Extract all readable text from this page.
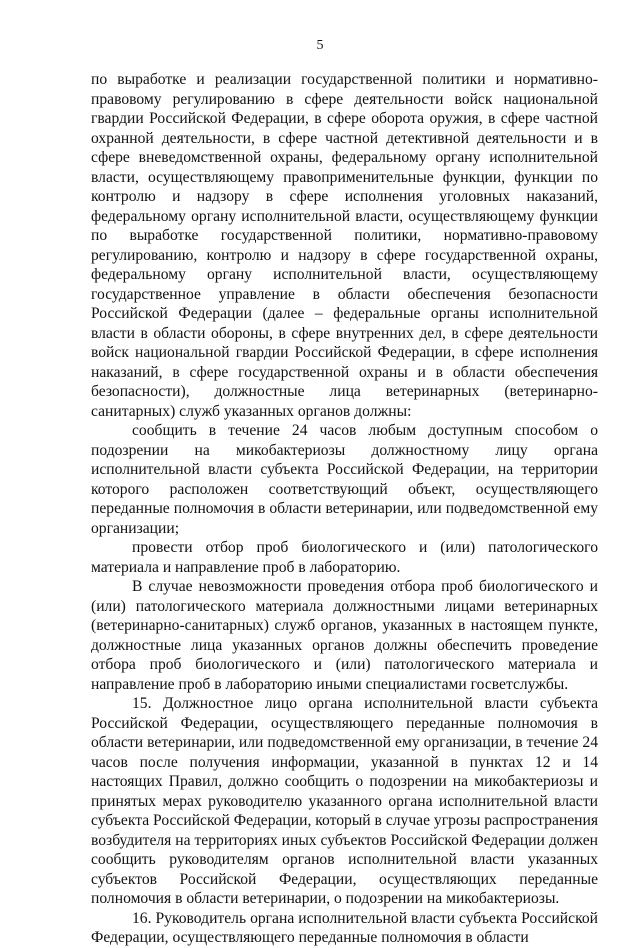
5

по выработке и реализации государственной политики и нормативно-правовому регулированию в сфере деятельности войск национальной гвардии Российской Федерации, в сфере оборота оружия, в сфере частной охранной деятельности, в сфере частной детективной деятельности и в сфере вневедомственной охраны, федеральному органу исполнительной власти, осуществляющему правоприменительные функции, функции по контролю и надзору в сфере исполнения уголовных наказаний, федеральному органу исполнительной власти, осуществляющему функции по выработке государственной политики, нормативно-правовому регулированию, контролю и надзору в сфере государственной охраны, федеральному органу исполнительной власти, осуществляющему государственное управление в области обеспечения безопасности Российской Федерации (далее – федеральные органы исполнительной власти в области обороны, в сфере внутренних дел, в сфере деятельности войск национальной гвардии Российской Федерации, в сфере исполнения наказаний, в сфере государственной охраны и в области обеспечения безопасности), должностные лица ветеринарных (ветеринарно-санитарных) служб указанных органов должны:

сообщить в течение 24 часов любым доступным способом о подозрении на микобактериозы должностному лицу органа исполнительной власти субъекта Российской Федерации, на территории которого расположен соответствующий объект, осуществляющего переданные полномочия в области ветеринарии, или подведомственной ему организации;

провести отбор проб биологического и (или) патологического материала и направление проб в лабораторию.

В случае невозможности проведения отбора проб биологического и (или) патологического материала должностными лицами ветеринарных (ветеринарно-санитарных) служб органов, указанных в настоящем пункте, должностные лица указанных органов должны обеспечить проведение отбора проб биологического и (или) патологического материала и направление проб в лабораторию иными специалистами госветслужбы.

15. Должностное лицо органа исполнительной власти субъекта Российской Федерации, осуществляющего переданные полномочия в области ветеринарии, или подведомственной ему организации, в течение 24 часов после получения информации, указанной в пунктах 12 и 14 настоящих Правил, должно сообщить о подозрении на микобактериозы и принятых мерах руководителю указанного органа исполнительной власти субъекта Российской Федерации, который в случае угрозы распространения возбудителя на территориях иных субъектов Российской Федерации должен сообщить руководителям органов исполнительной власти указанных субъектов Российской Федерации, осуществляющих переданные полномочия в области ветеринарии, о подозрении на микобактериозы.

16. Руководитель органа исполнительной власти субъекта Российской Федерации, осуществляющего переданные полномочия в области
